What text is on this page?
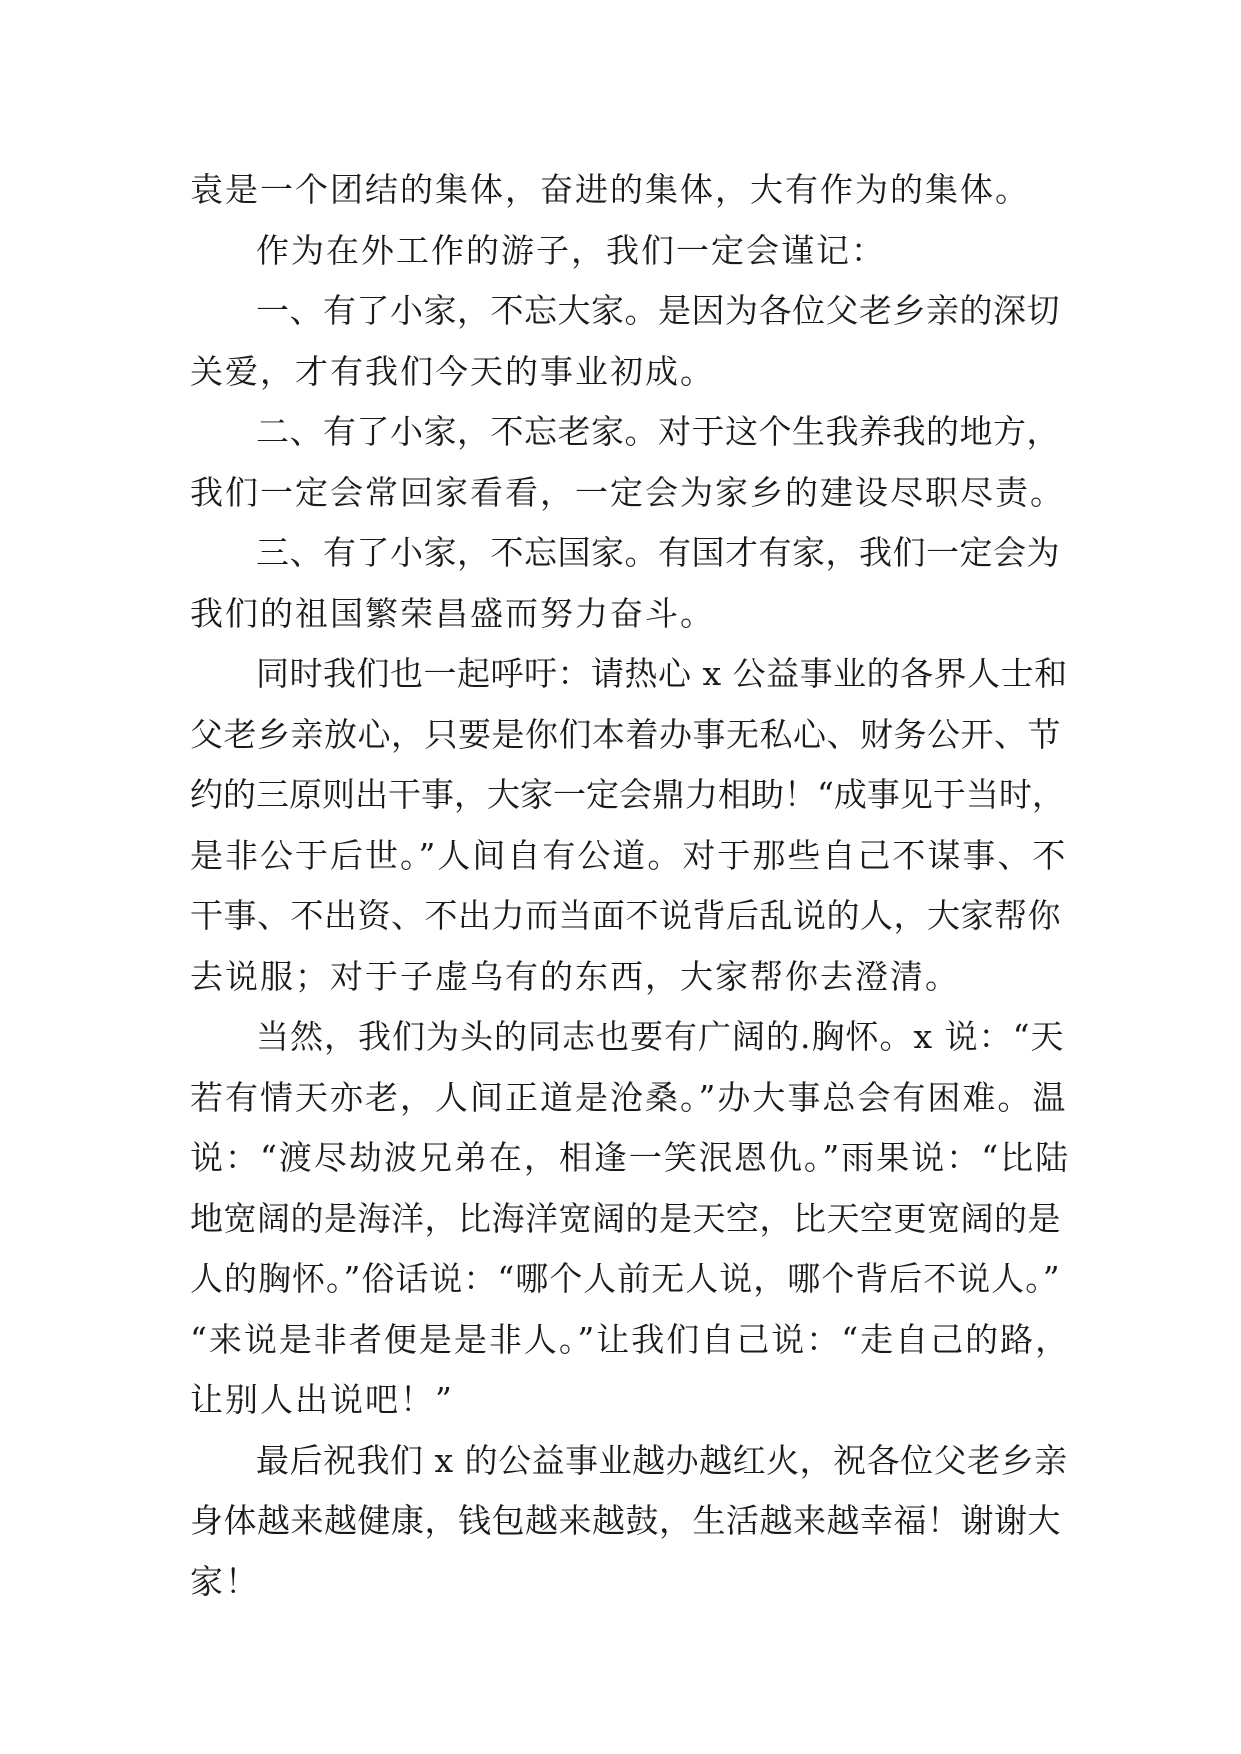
袁是一个团结的集体，奋进的集体，大有作为的集体。
作为在外工作的游子，我们一定会谨记：
一、有了小家，不忘大家。是因为各位父老乡亲的深切
关爱，才有我们今天的事业初成。
二、有了小家，不忘老家。对于这个生我养我的地方，
我们一定会常回家看看，一定会为家乡的建设尽职尽责。
三、有了小家，不忘国家。有国才有家，我们一定会为
我们的祖国繁荣昌盛而努力奋斗。
同时我们也一起呼吁：请热心 x 公益事业的各界人士和
父老乡亲放心，只要是你们本着办事无私心、财务公开、节
约的三原则出干事，大家一定会鼎力相助！“成事见于当时，
是非公于后世。”人间自有公道。对于那些自己不谋事、不
干事、不出资、不出力而当面不说背后乱说的人，大家帮你
去说服；对于子虚乌有的东西，大家帮你去澄清。
当然，我们为头的同志也要有广阔的.胸怀。x 说：“天
若有情天亦老，人间正道是沧桑。”办大事总会有困难。温
说：“渡尽劫波兄弟在，相逢一笑泯恩仇。”雨果说：“比陆
地宽阔的是海洋，比海洋宽阔的是天空，比天空更宽阔的是
人的胸怀。”俗话说：“哪个人前无人说，哪个背后不说人。”
“来说是非者便是是非人。”让我们自己说：“走自己的路，
让别人出说吧！”
最后祝我们 x 的公益事业越办越红火，祝各位父老乡亲
身体越来越健康，钱包越来越鼓，生活越来越幸福！谢谢大
家！
